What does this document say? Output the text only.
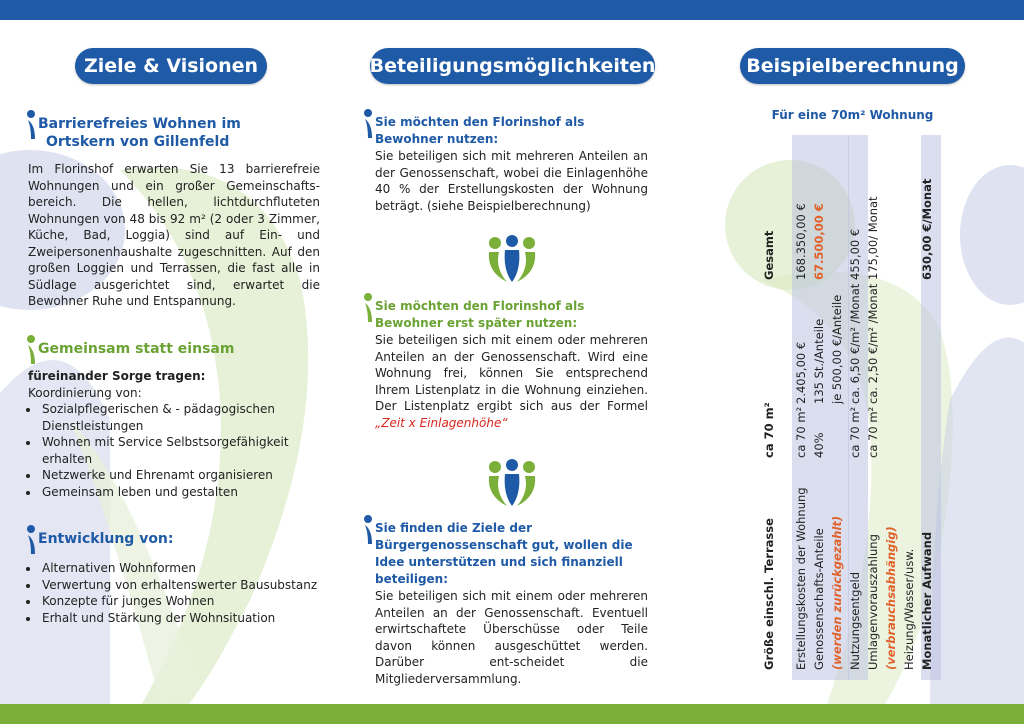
Ziele & Visionen
Barrierefreies Wohnen im
Ortskern von Gillenfeld
Im Florinshof erwarten Sie 13 barrierefreie Wohnungen und ein großer Gemeinschafts-bereich. Die hellen, lichtdurchfluteten Wohnungen von 48 bis 92 m² (2 oder 3 Zimmer, Küche, Bad, Loggia) sind auf Ein- und Zweipersonenhaushalte zugeschnitten. Auf den großen Loggien und Terrassen, die fast alle in Südlage ausgerichtet sind, erwartet die Bewohner Ruhe und Entspannung.
Gemeinsam statt einsam
füreinander Sorge tragen:
Koordinierung von:
• Sozialpflegerischen & - pädagogischen Dienstleistungen
• Wohnen mit Service Selbstsorgefähigkeit erhalten
• Netzwerke und Ehrenamt organisieren
• Gemeinsam leben und gestalten
Entwicklung von:
• Alternativen Wohnformen
• Verwertung von erhaltenswerter Bausubstanz
• Konzepte für junges Wohnen
• Erhalt und Stärkung der Wohnsituation
Beteiligungsmöglichkeiten
Sie möchten den Florinshof als Bewohner nutzen:
Sie beteiligen sich mit mehreren Anteilen an der Genossenschaft, wobei die Einlagenhöhe 40 % der Erstellungskosten der Wohnung beträgt. (siehe Beispielberechnung)
Sie möchten den Florinshof als Bewohner erst später nutzen:
Sie beteiligen sich mit einem oder mehreren Anteilen an der Genossenschaft. Wird eine Wohnung frei, können Sie entsprechend Ihrem Listenplatz in die Wohnung einziehen. Der Listenplatz ergibt sich aus der Formel „Zeit x Einlagenhöhe“
Sie finden die Ziele der Bürgergenossenschaft gut, wollen die Idee unterstützen und sich finanziell beteiligen:
Sie beteiligen sich mit einem oder mehreren Anteilen an der Genossenschaft. Eventuell erwirtschaftete Überschüsse oder Teile davon können ausgeschüttet werden. Darüber ent-scheidet die Mitgliederversammlung.
Beispielberechnung
Für eine 70m² Wohnung
Größe einschl. Terrasse
ca 70 m²
Gesamt
Erstellungskosten der Wohnung
ca 70 m²
2.405,00 €
168.350,00 €
Genossenschafts-Anteile
40%
135 St./Anteile
67.500,00 €
(werden zurückgezahlt)
je 500,00 €/Anteile
Nutzungsentgeld
ca 70 m²
ca. 6,50 €/m² /Monat
455,00 €
Umlagenvorauszahlung
ca 70 m²
ca. 2,50 €/m² /Monat
175,00/ Monat
(verbrauchsabhängig) Heizung/Wasser/usw. Monatlicher Aufwand
630,00 €/Monat
